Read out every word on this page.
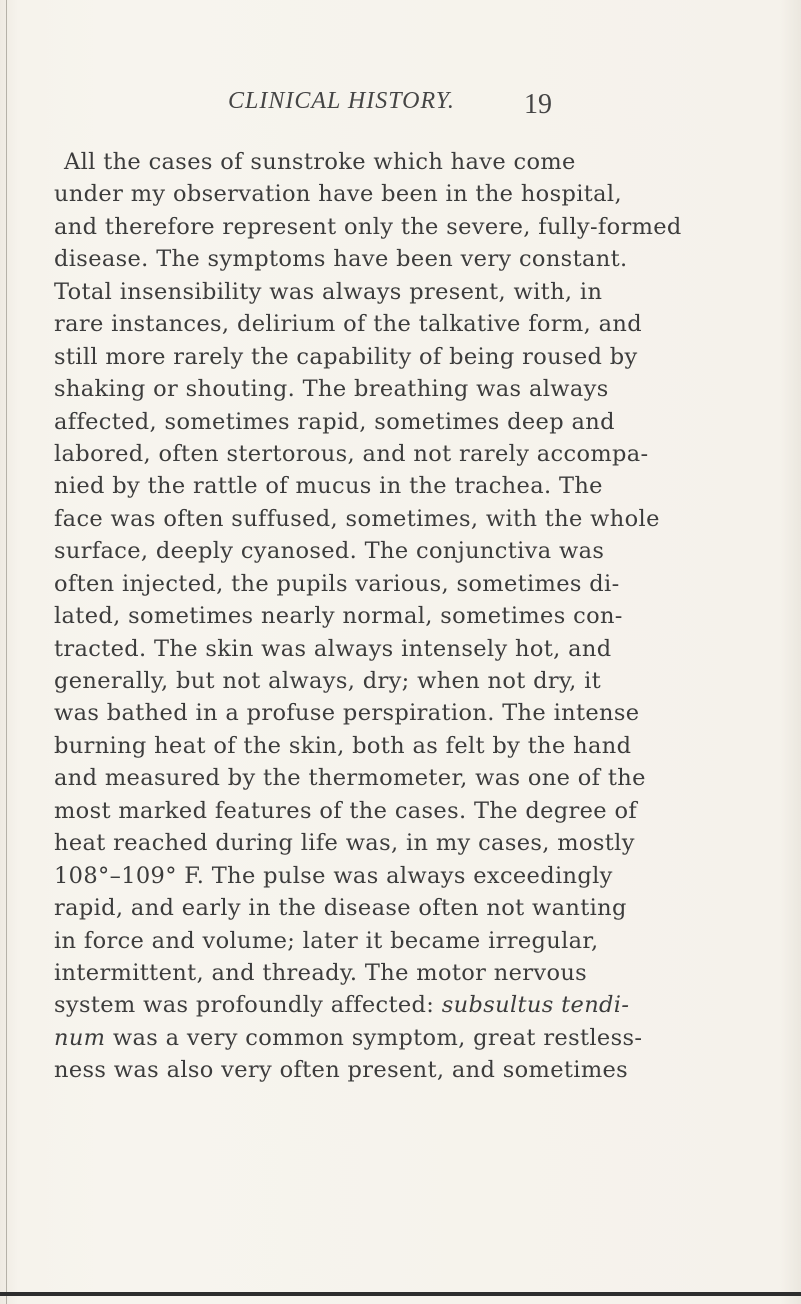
CLINICAL HISTORY. 19
All the cases of sunstroke which have come
under my observation have been in the hospital,
and therefore represent only the severe, fully-formed
disease. The symptoms have been very constant.
Total insensibility was always present, with, in
rare instances, delirium of the talkative form, and
still more rarely the capability of being roused by
shaking or shouting. The breathing was always
affected, sometimes rapid, sometimes deep and
labored, often stertorous, and not rarely accompa-
nied by the rattle of mucus in the trachea. The
face was often suffused, sometimes, with the whole
surface, deeply cyanosed. The conjunctiva was
often injected, the pupils various, sometimes di-
lated, sometimes nearly normal, sometimes con-
tracted. The skin was always intensely hot, and
generally, but not always, dry; when not dry, it
was bathed in a profuse perspiration. The intense
burning heat of the skin, both as felt by the hand
and measured by the thermometer, was one of the
most marked features of the cases. The degree of
heat reached during life was, in my cases, mostly
108°–109° F. The pulse was always exceedingly
rapid, and early in the disease often not wanting
in force and volume; later it became irregular,
intermittent, and thready. The motor nervous
system was profoundly affected: subsultus tendi-
num was a very common symptom, great restless-
ness was also very often present, and sometimes
